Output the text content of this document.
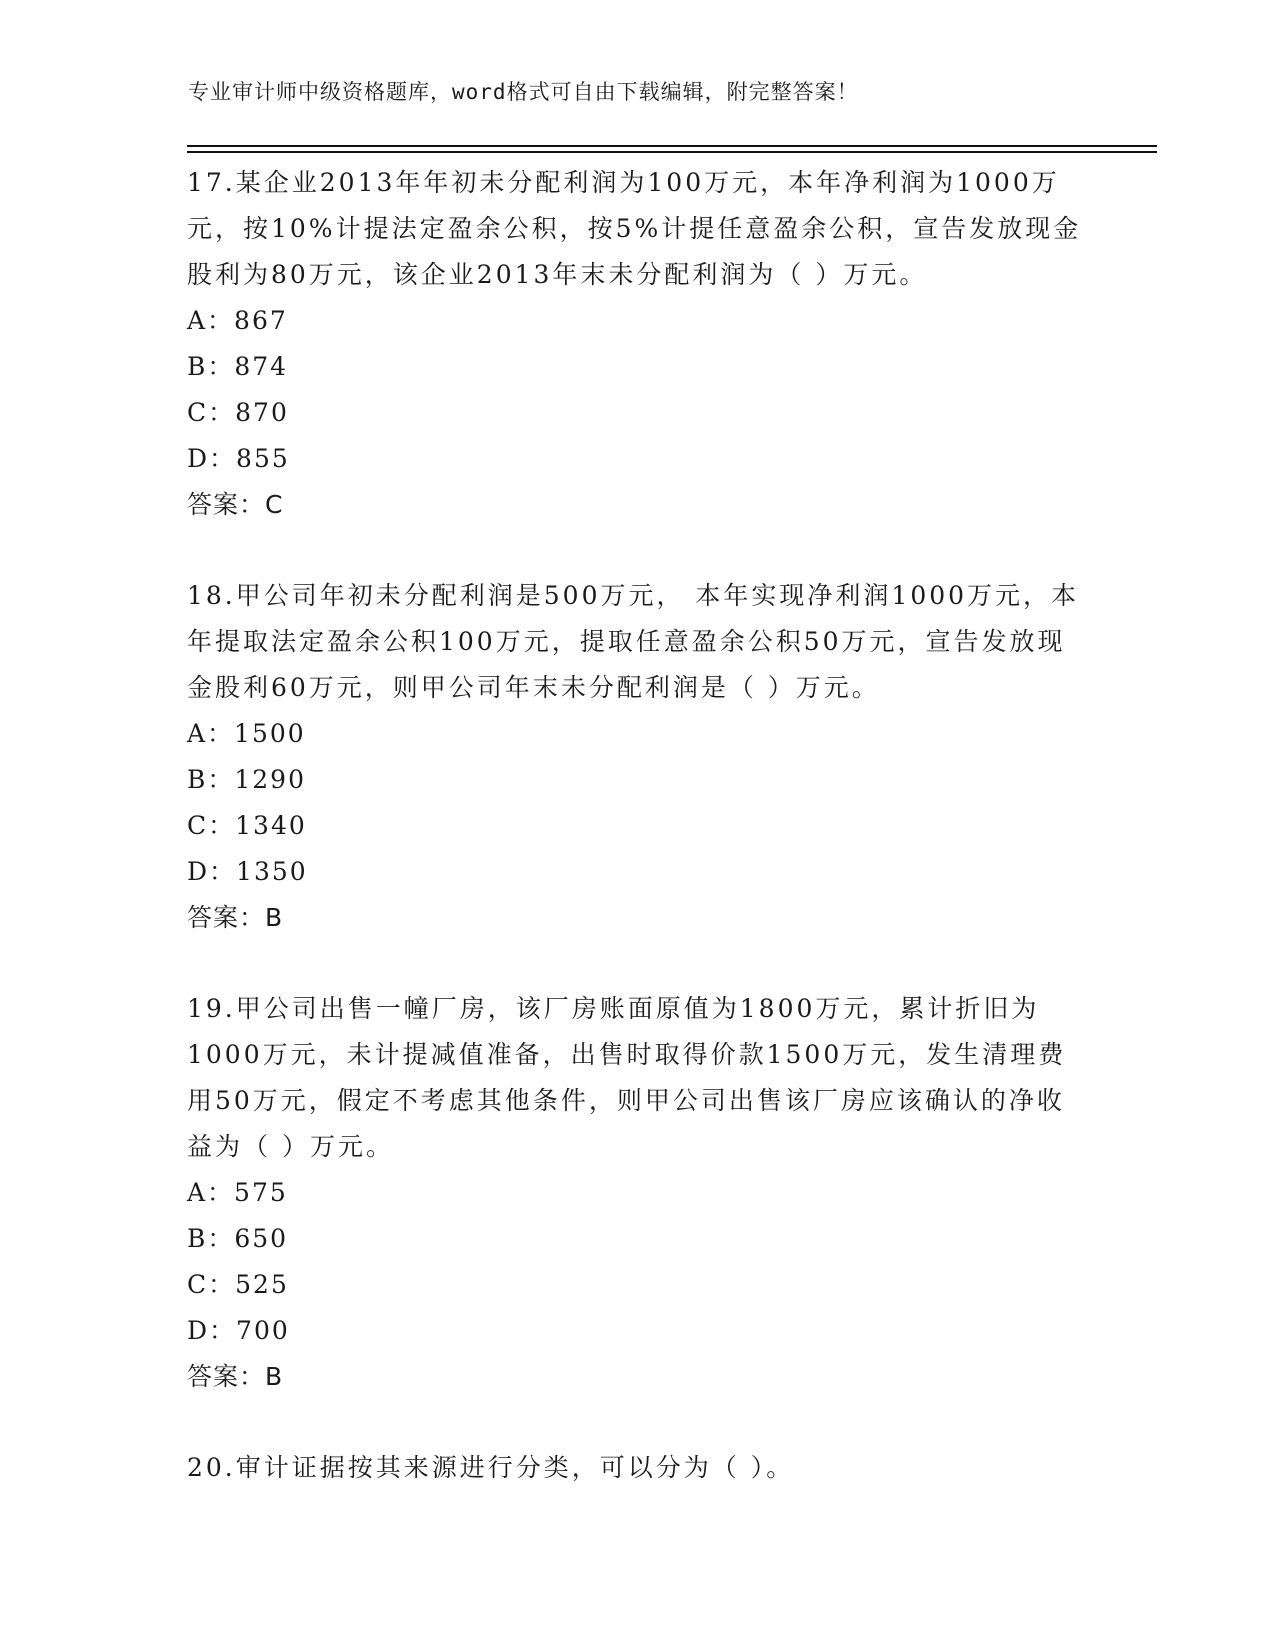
专业审计师中级资格题库，word格式可自由下载编辑，附完整答案！

17.某企业2013年年初未分配利润为100万元，本年净利润为1000万元，按10%计提法定盈余公积，按5%计提任意盈余公积，宣告发放现金股利为80万元，该企业2013年末未分配利润为（ ）万元。

A：867

B：874

C：870

D：855

答案：C

18.甲公司年初未分配利润是500万元， 本年实现净利润1000万元，本年提取法定盈余公积100万元，提取任意盈余公积50万元，宣告发放现金股利60万元，则甲公司年末未分配利润是（ ）万元。

A：1500

B：1290

C：1340

D：1350

答案：B

19.甲公司出售一幢厂房，该厂房账面原值为1800万元，累计折旧为1000万元，未计提减值准备，出售时取得价款1500万元，发生清理费用50万元，假定不考虑其他条件，则甲公司出售该厂房应该确认的净收益为（ ）万元。

A：575

B：650

C：525

D：700

答案：B

20.审计证据按其来源进行分类，可以分为（ ）。
